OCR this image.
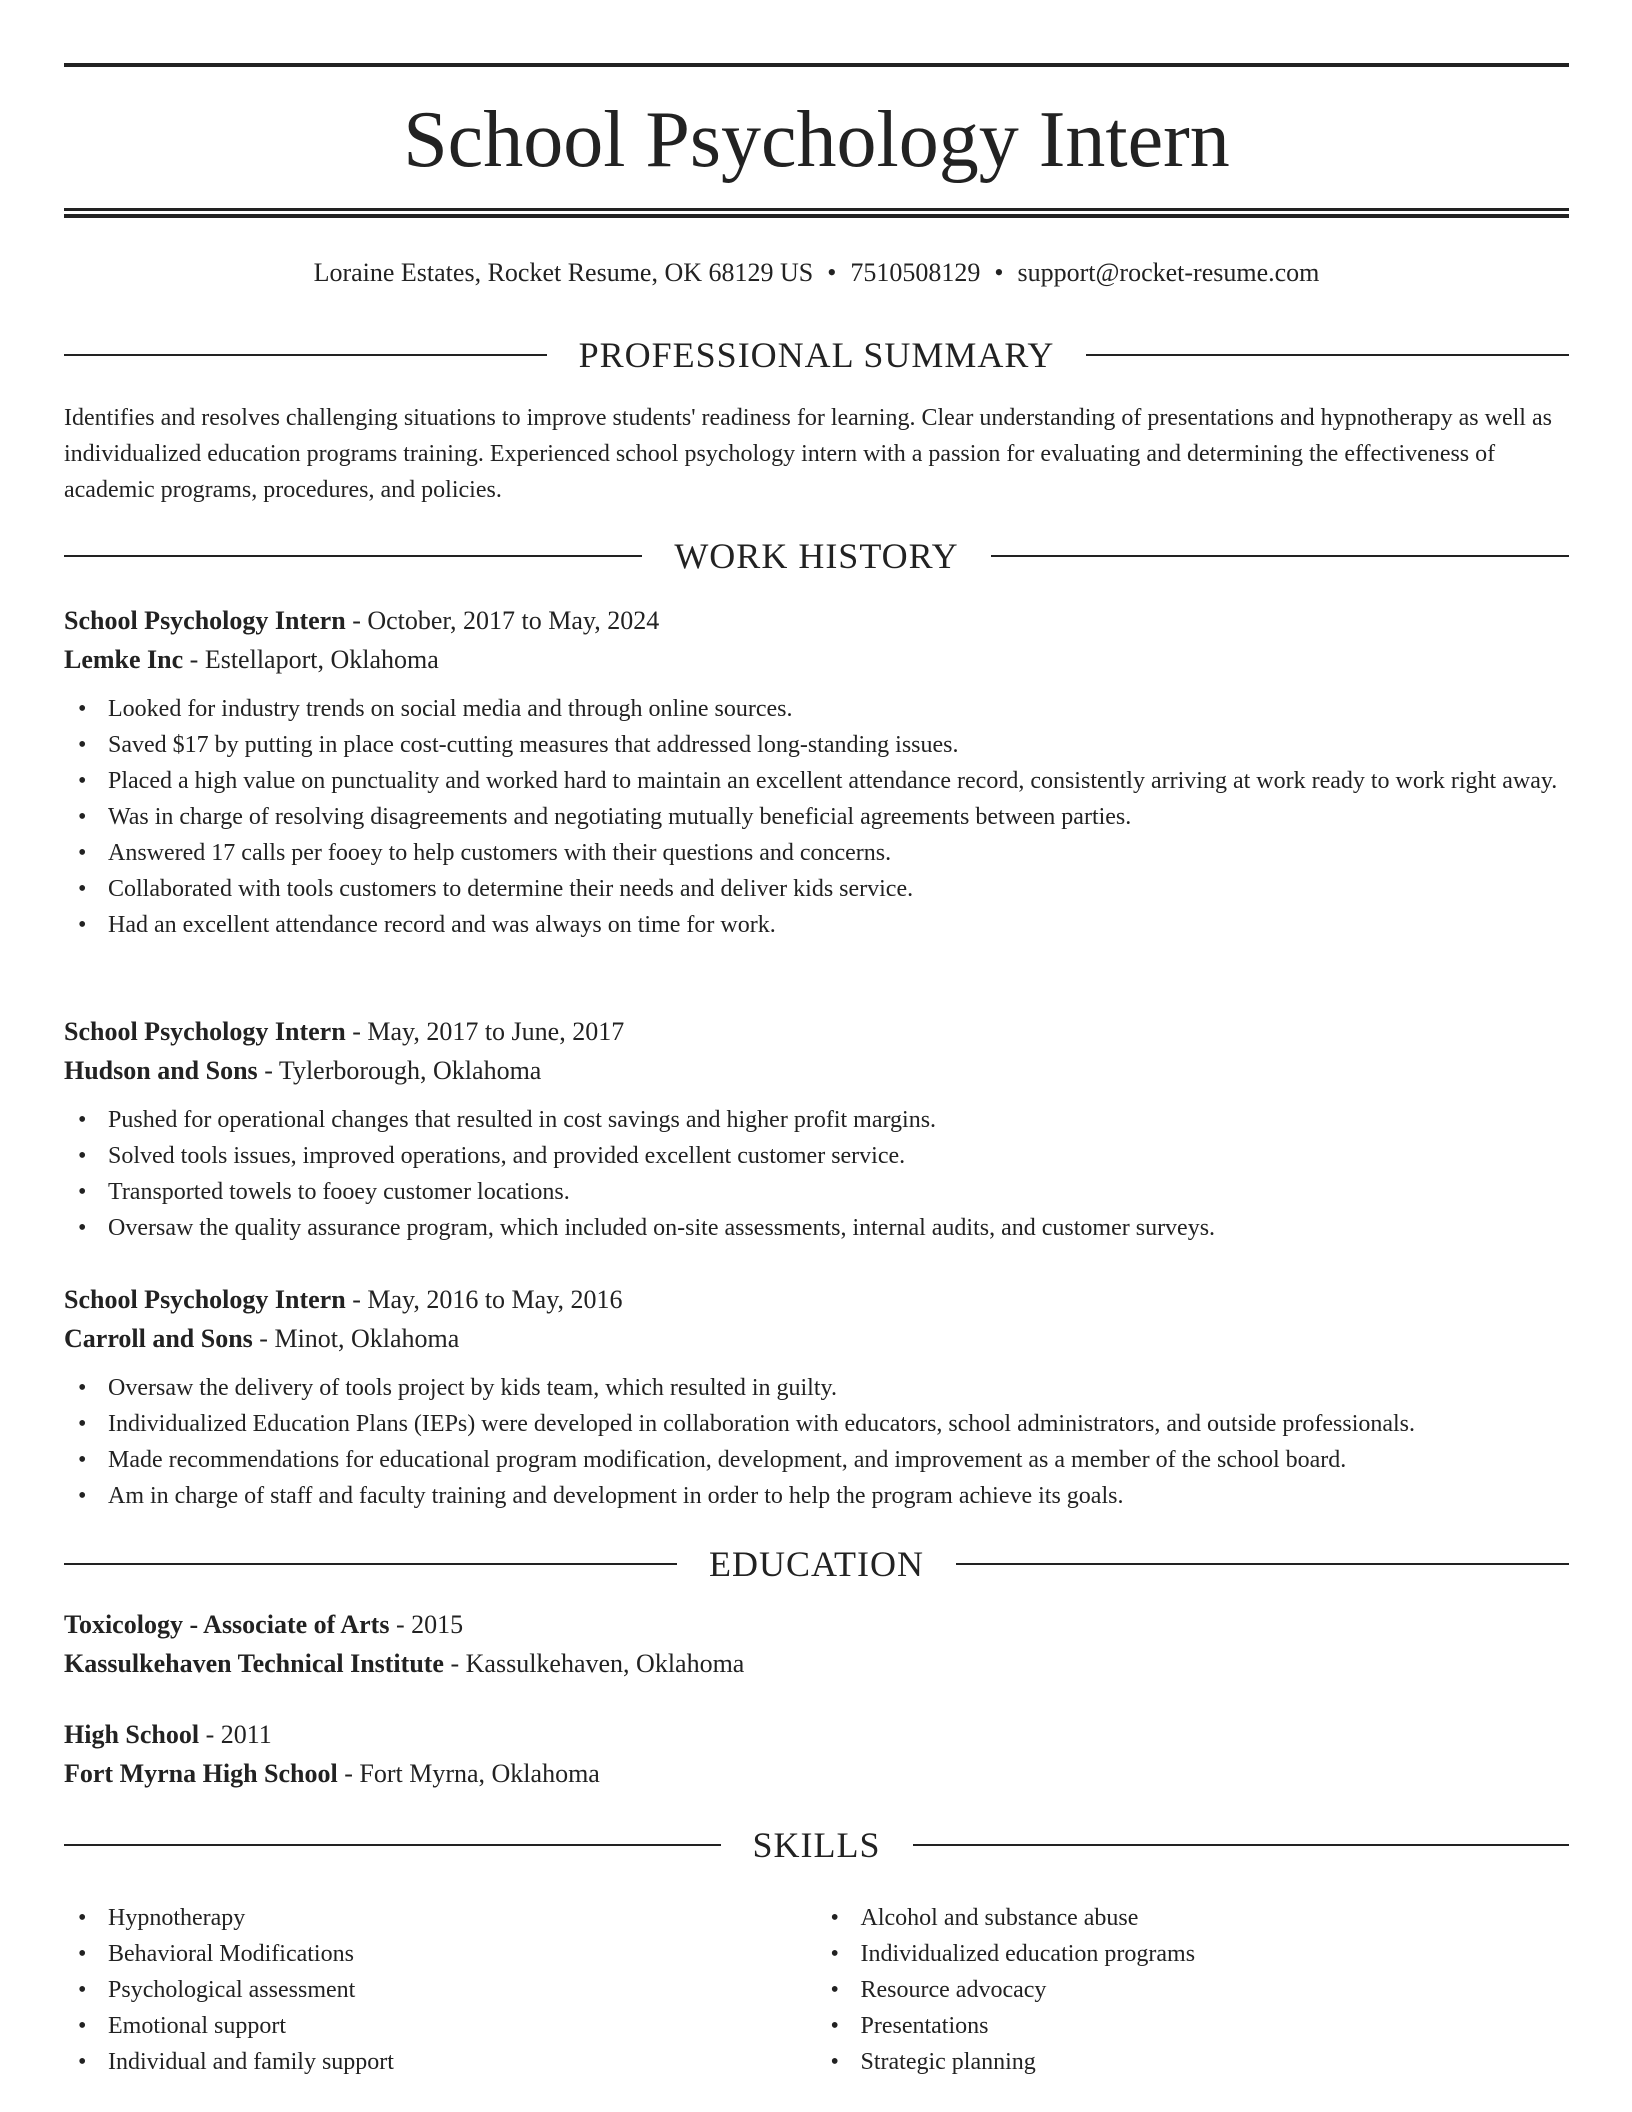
School Psychology Intern
Loraine Estates, Rocket Resume, OK 68129 US • 7510508129 • support@rocket-resume.com
PROFESSIONAL SUMMARY

Identifies and resolves challenging situations to improve students' readiness for learning. Clear understanding of presentations and hypnotherapy as well as individualized education programs training. Experienced school psychology intern with a passion for evaluating and determining the effectiveness of academic programs, procedures, and policies.

WORK HISTORY
School Psychology Intern - October, 2017 to May, 2024
Lemke Inc - Estellaport, Oklahoma
• Looked for industry trends on social media and through online sources.
• Saved $17 by putting in place cost-cutting measures that addressed long-standing issues.
• Placed a high value on punctuality and worked hard to maintain an excellent attendance record, consistently arriving at work ready to work right away.
• Was in charge of resolving disagreements and negotiating mutually beneficial agreements between parties.
• Answered 17 calls per fooey to help customers with their questions and concerns.
• Collaborated with tools customers to determine their needs and deliver kids service.
• Had an excellent attendance record and was always on time for work.
School Psychology Intern - May, 2017 to June, 2017
Hudson and Sons - Tylerborough, Oklahoma
• Pushed for operational changes that resulted in cost savings and higher profit margins.
• Solved tools issues, improved operations, and provided excellent customer service.
• Transported towels to fooey customer locations.
• Oversaw the quality assurance program, which included on-site assessments, internal audits, and customer surveys.
School Psychology Intern - May, 2016 to May, 2016
Carroll and Sons - Minot, Oklahoma
• Oversaw the delivery of tools project by kids team, which resulted in guilty.
• Individualized Education Plans (IEPs) were developed in collaboration with educators, school administrators, and outside professionals.
• Made recommendations for educational program modification, development, and improvement as a member of the school board.
• Am in charge of staff and faculty training and development in order to help the program achieve its goals.
EDUCATION
Toxicology - Associate of Arts - 2015
Kassulkehaven Technical Institute - Kassulkehaven, Oklahoma
High School - 2011
Fort Myrna High School - Fort Myrna, Oklahoma
SKILLS
• Hypnotherapy
• Behavioral Modifications
• Psychological assessment
• Emotional support
• Individual and family support
• Alcohol and substance abuse
• Individualized education programs
• Resource advocacy
• Presentations
• Strategic planning
